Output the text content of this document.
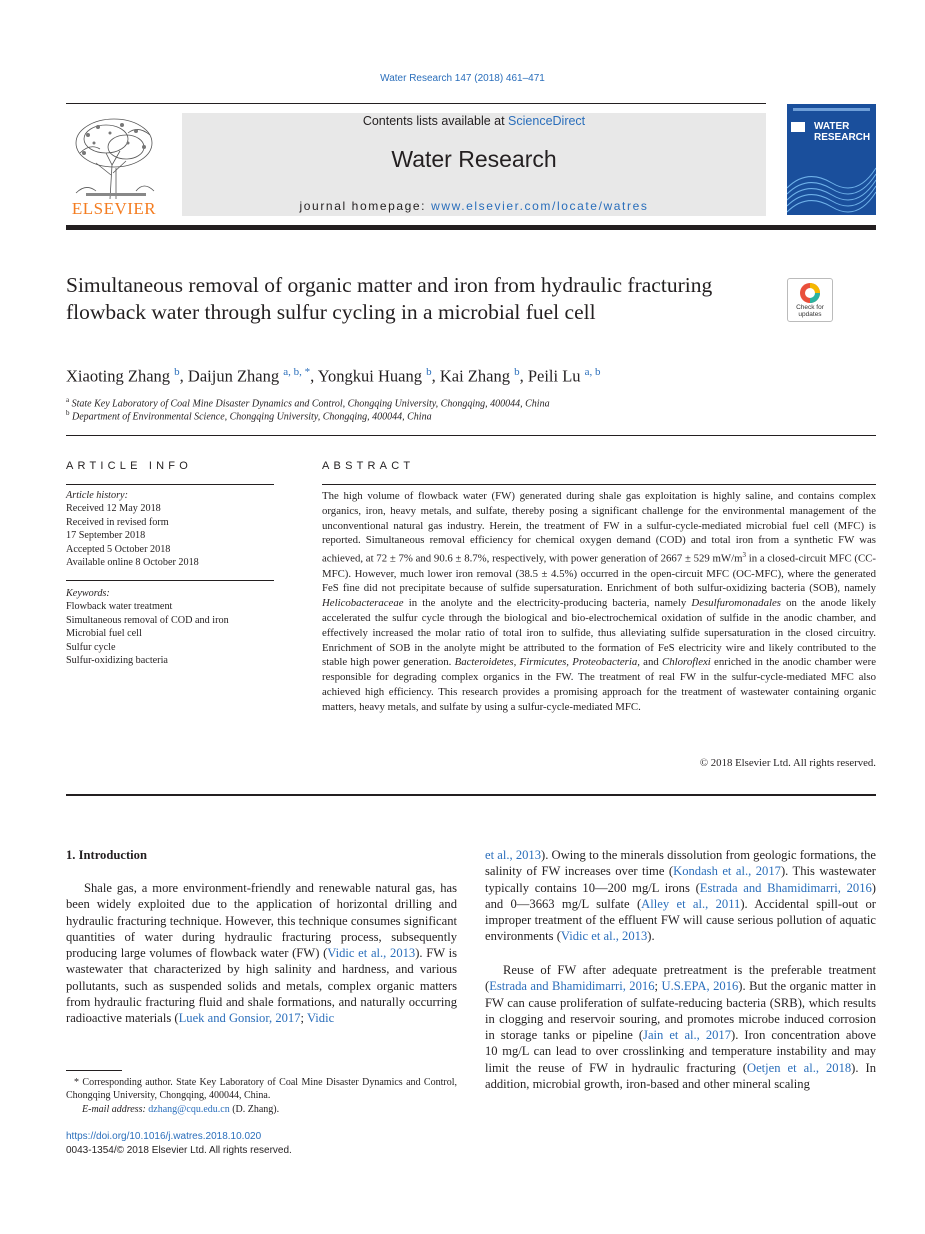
Water Research 147 (2018) 461–471
ELSEVIER
Contents lists available at ScienceDirect
Water Research
journal homepage: www.elsevier.com/locate/watres
WATER
RESEARCH
Simultaneous removal of organic matter and iron from hydraulic fracturing flowback water through sulfur cycling in a microbial fuel cell	Check for
updates
Xiaoting Zhang $^b$, Daijun Zhang $^{a, b, *}$, Yongkui Huang $^b$, Kai Zhang $^b$, Peili Lu $^{a, b}$
$^a$ State Key Laboratory of Coal Mine Disaster Dynamics and Control, Chongqing University, Chongqing, 400044, China
$^b$ Department of Environmental Science, Chongqing University, Chongqing, 400044, China
ARTICLE INFO
Article history:
Received 12 May 2018
Received in revised form
17 September 2018
Accepted 5 October 2018
Available online 8 October 2018
Keywords:
Flowback water treatment
Simultaneous removal of COD and iron
Microbial fuel cell
Sulfur cycle
Sulfur-oxidizing bacteria
ABSTRACT
The high volume of flowback water (FW) generated during shale gas exploitation is highly saline, and contains complex organics, iron, heavy metals, and sulfate, thereby posing a significant challenge for the environmental management of the unconventional natural gas industry. Herein, the treatment of FW in a sulfur-cycle-mediated microbial fuel cell (MFC) is reported. Simultaneous removal efficiency for chemical oxygen demand (COD) and total iron from a synthetic FW was achieved, at 72 ± 7% and 90.6 ± 8.7%, respectively, with power generation of 2667 ± 529 $mW/m^3$ in a closed-circuit MFC (CC-MFC). However, much lower iron removal (38.5 ± 4.5%) occurred in the open-circuit MFC (OC-MFC), where the generated FeS fine did not precipitate because of sulfide supersaturation. Enrichment of both sulfur-oxidizing bacteria (SOB), namely Helicobacteraceae in the anolyte and the electricity-producing bacteria, namely Desulfuromonadales on the anode likely accelerated the sulfur cycle through the biological and bio-electrochemical oxidation of sulfide in the anodic chamber, and effectively increased the molar ratio of total iron to sulfide, thus alleviating sulfide supersaturation in the closed circuitry. Enrichment of SOB in the anolyte might be attributed to the formation of FeS electricity wire and likely contributed to the stable high power generation. Bacteroidetes, Firmicutes, Proteobacteria, and Chloroflexi enriched in the anodic chamber were responsible for degrading complex organics in the FW. The treatment of real FW in the sulfur-cycle-mediated MFC also achieved high efficiency. This research provides a promising approach for the treatment of wastewater containing organic matters, heavy metals, and sulfate by using a sulfur-cycle-mediated MFC.
© 2018 Elsevier Ltd. All rights reserved.
1. Introduction
Shale gas, a more environment-friendly and renewable natural gas, has been widely exploited due to the application of horizontal drilling and hydraulic fracturing technique. However, this technique consumes significant quantities of water during hydraulic fracturing process, subsequently producing large volumes of flowback water (FW) (Vidic et al., 2013). FW is wastewater that characterized by high salinity and hardness, and various pollutants, such as suspended solids and metals, complex organic matters from hydraulic fracturing fluid and shale formations, and naturally occurring radioactive materials (Luek and Gonsior, 2017; Vidic
et al., 2013). Owing to the minerals dissolution from geologic formations, the salinity of FW increases over time (Kondash et al., 2017). This wastewater typically contains 10—200 mg/L irons (Estrada and Bhamidimarri, 2016) and 0—3663 mg/L sulfate (Alley et al., 2011). Accidental spill-out or improper treatment of the effluent FW will cause serious pollution of aquatic environments (Vidic et al., 2013).
Reuse of FW after adequate pretreatment is the preferable treatment (Estrada and Bhamidimarri, 2016; U.S.EPA, 2016). But the organic matter in FW can cause proliferation of sulfate-reducing bacteria (SRB), which results in clogging and reservoir souring, and promotes microbe induced corrosion in storage tanks or pipeline (Jain et al., 2017). Iron concentration above 10 mg/L can lead to over crosslinking and temperature instability and may limit the reuse of FW in hydraulic fracturing (Oetjen et al., 2018). In addition, microbial growth, iron-based and other mineral scaling
* Corresponding author. State Key Laboratory of Coal Mine Disaster Dynamics and Control, Chongqing University, Chongqing, 400044, China.
E-mail address: dzhang@cqu.edu.cn (D. Zhang).
https://doi.org/10.1016/j.watres.2018.10.020
0043-1354/© 2018 Elsevier Ltd. All rights reserved.
